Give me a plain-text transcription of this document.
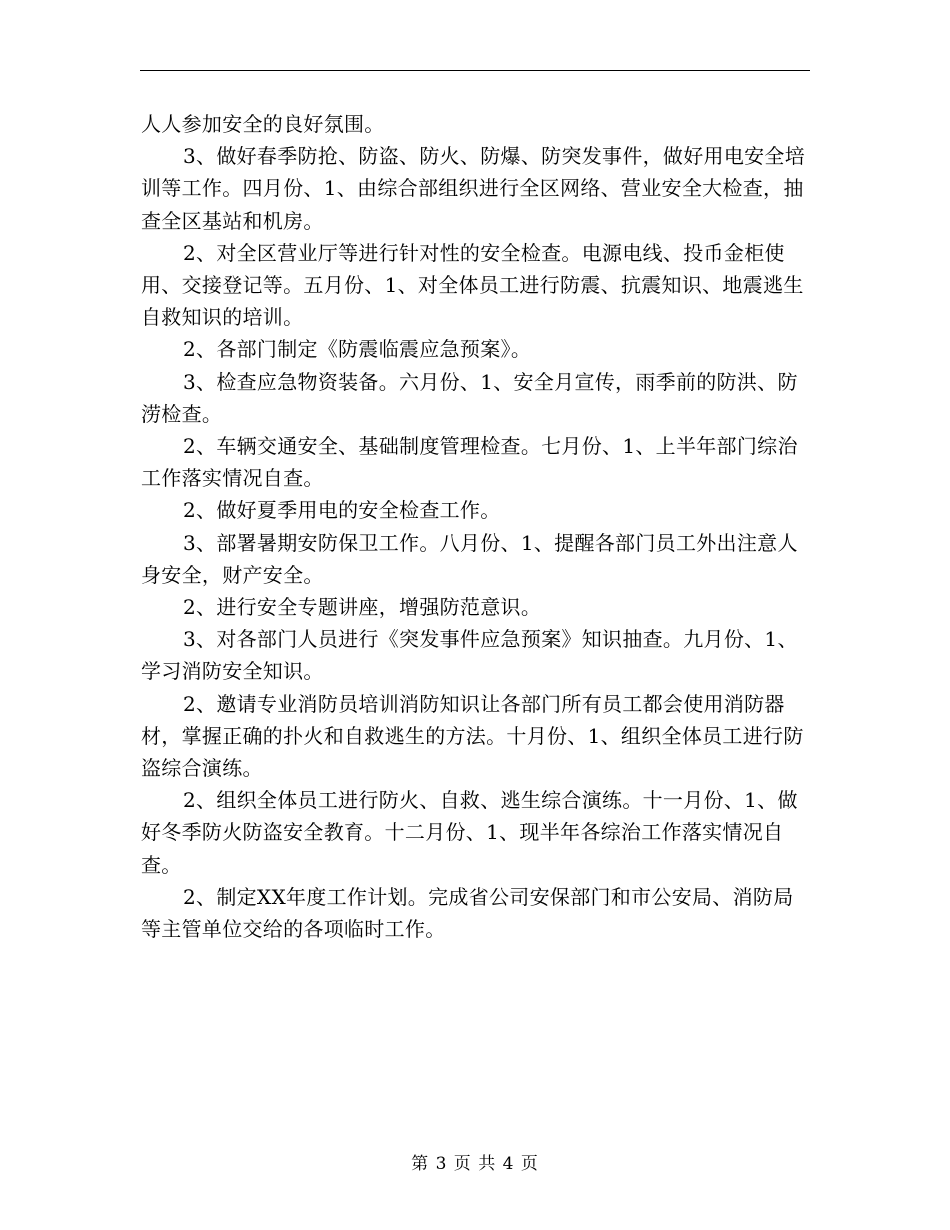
人人参加安全的良好氛围。

3、做好春季防抢、防盗、防火、防爆、防突发事件，做好用电安全培训等工作。四月份、1、由综合部组织进行全区网络、营业安全大检查，抽查全区基站和机房。

2、对全区营业厅等进行针对性的安全检查。电源电线、投币金柜使用、交接登记等。五月份、1、对全体员工进行防震、抗震知识、地震逃生自救知识的培训。

2、各部门制定《防震临震应急预案》。

3、检查应急物资装备。六月份、1、安全月宣传，雨季前的防洪、防涝检查。

2、车辆交通安全、基础制度管理检查。七月份、1、上半年部门综治工作落实情况自查。

2、做好夏季用电的安全检查工作。

3、部署暑期安防保卫工作。八月份、1、提醒各部门员工外出注意人身安全，财产安全。

2、进行安全专题讲座，增强防范意识。

3、对各部门人员进行《突发事件应急预案》知识抽查。九月份、1、学习消防安全知识。

2、邀请专业消防员培训消防知识让各部门所有员工都会使用消防器材，掌握正确的扑火和自救逃生的方法。十月份、1、组织全体员工进行防盗综合演练。

2、组织全体员工进行防火、自救、逃生综合演练。十一月份、1、做好冬季防火防盗安全教育。十二月份、1、现半年各综治工作落实情况自查。

2、制定XX年度工作计划。完成省公司安保部门和市公安局、消防局等主管单位交给的各项临时工作。

第 3 页 共 4 页
